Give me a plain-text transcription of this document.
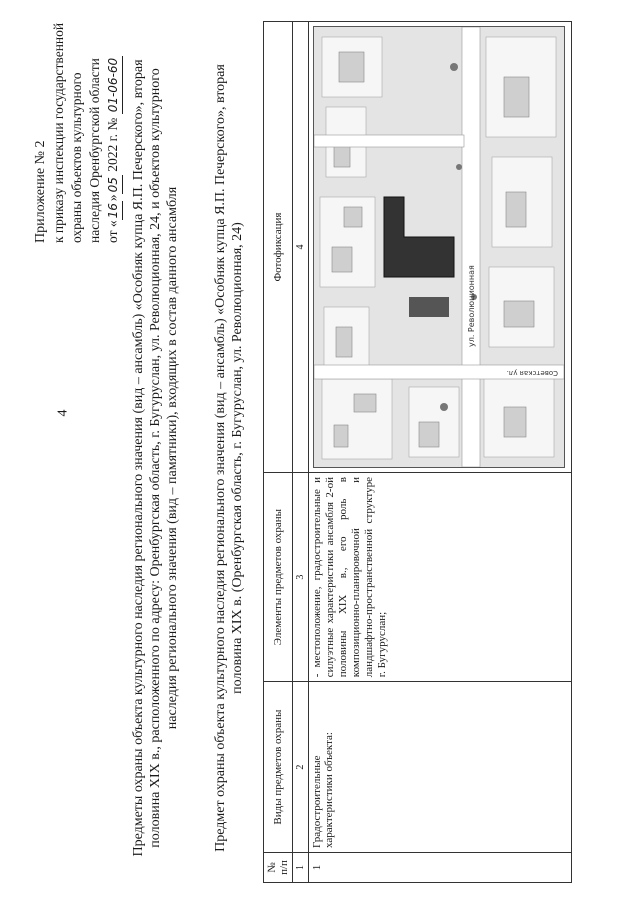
4
Приложение № 2 к приказу инспекции государственной охраны объектов культурного наследия Оренбургской области от «16»05 2022 г. № 01-06-60 Предметы охраны объекта культурного наследия регионального значения (вид – ансамбль) «Особняк купца Я.П. Печерского», вторая половина XIX в., расположенного по адресу: Оренбургская область, г. Бугуруслан, ул. Революционная, 24, и объектов культурного наследия регионального значения (вид – памятники), входящих в состав данного ансамбля Предмет охраны объекта культурного наследия регионального значения (вид – ансамбль) «Особняк купца Я.П. Печерского», вторая половина XIX в. (Оренбургская область, г. Бугуруслан, ул. Революционная, 24)
№ п/п	Виды предметов охраны	Элементы предметов охраны	Фотофиксация
1	2	3	4
1	Градостроительные характеристики объекта:	- местоположение, градостроительные и силуэтные характеристики ансамбля 2-ой половины XIX в., его роль в композиционно-планировочной и ландшафтно-пространственной структуре г. Бугуруслан;	ул. Революционная
Советская ул.
